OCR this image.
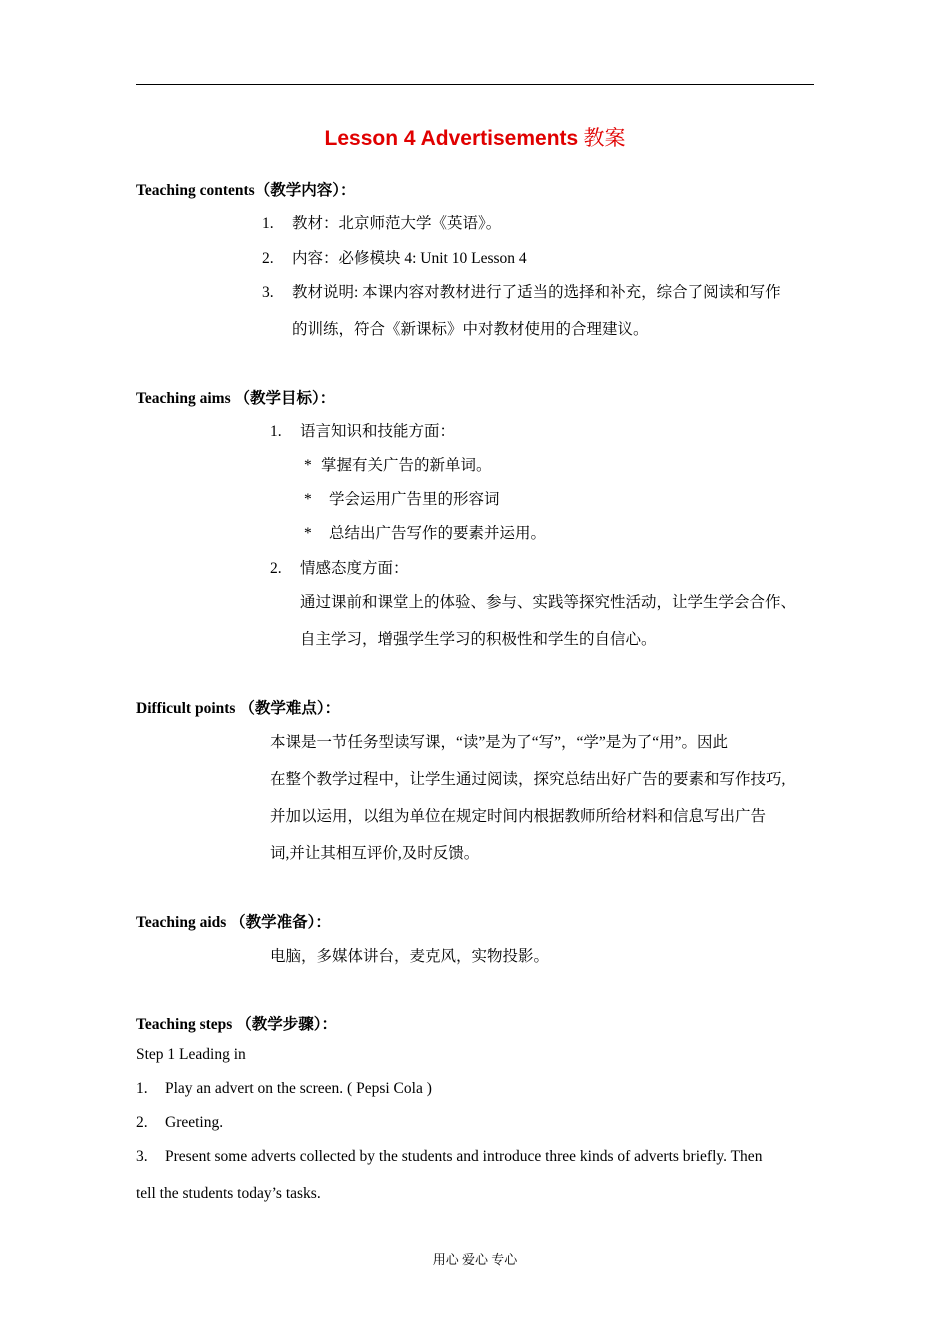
Lesson 4 Advertisements 教案
Teaching contents（教学内容）：
1. 教材：北京师范大学《英语》。
2. 内容：必修模块 4: Unit 10 Lesson 4
3. 教材说明: 本课内容对教材进行了适当的选择和补充，综合了阅读和写作
的训练，符合《新课标》中对教材使用的合理建议。
Teaching aims （教学目标）：
1. 语言知识和技能方面：
* 掌握有关广告的新单词。
* 学会运用广告里的形容词
* 总结出广告写作的要素并运用。
2. 情感态度方面：
通过课前和课堂上的体验、参与、实践等探究性活动，让学生学会合作、
自主学习，增强学生学习的积极性和学生的自信心。
Difficult points （教学难点）：
本课是一节任务型读写课，“读”是为了“写”，“学”是为了“用”。因此
在整个教学过程中，让学生通过阅读，探究总结出好广告的要素和写作技巧,
并加以运用，以组为单位在规定时间内根据教师所给材料和信息写出广告
词,并让其相互评价,及时反馈。
Teaching aids （教学准备）：
电脑，多媒体讲台，麦克风，实物投影。
Teaching steps （教学步骤）：
Step 1 Leading in
1. Play an advert on the screen. ( Pepsi Cola )
2. Greeting.
3. Present some adverts collected by the students and introduce three kinds of adverts briefly. Then
tell the students today’s tasks.
用心 爱心 专心
